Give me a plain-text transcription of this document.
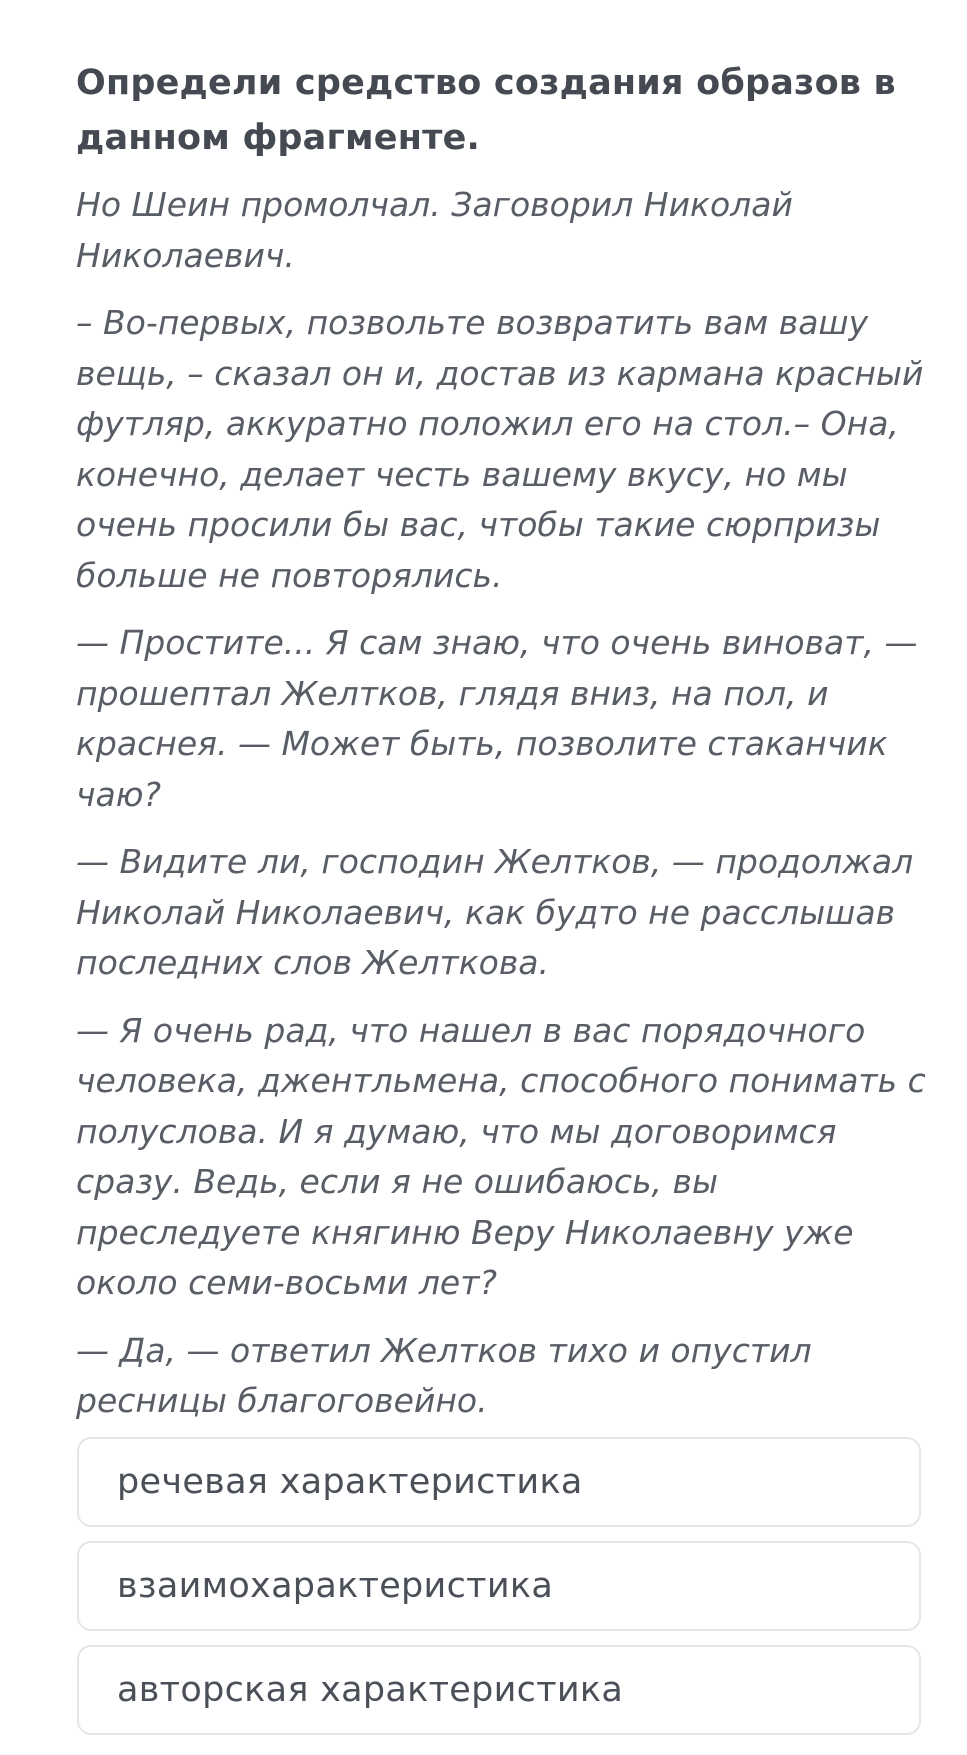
Определи средство создания образов в данном фрагменте.

Но Шеин промолчал. Заговорил Николай Николаевич.

– Во-первых, позвольте возвратить вам вашу вещь, – сказал он и, достав из кармана красный футляр, аккуратно положил его на стол.– Она, конечно, делает честь вашему вкусу, но мы очень просили бы вас, чтобы такие сюрпризы больше не повторялись.

— Простите... Я сам знаю, что очень виноват, — прошептал Желтков, глядя вниз, на пол, и краснея. — Может быть, позволите стаканчик чаю?

— Видите ли, господин Желтков, — продолжал Николай Николаевич, как будто не расслышав последних слов Желткова.

— Я очень рад, что нашел в вас порядочного человека, джентльмена, способного понимать с полуслова. И я думаю, что мы договоримся сразу. Ведь, если я не ошибаюсь, вы преследуете княгиню Веру Николаевну уже около семи-восьми лет?

— Да, — ответил Желтков тихо и опустил ресницы благоговейно.

речевая характеристика
взаимохарактеристика
авторская характеристика
